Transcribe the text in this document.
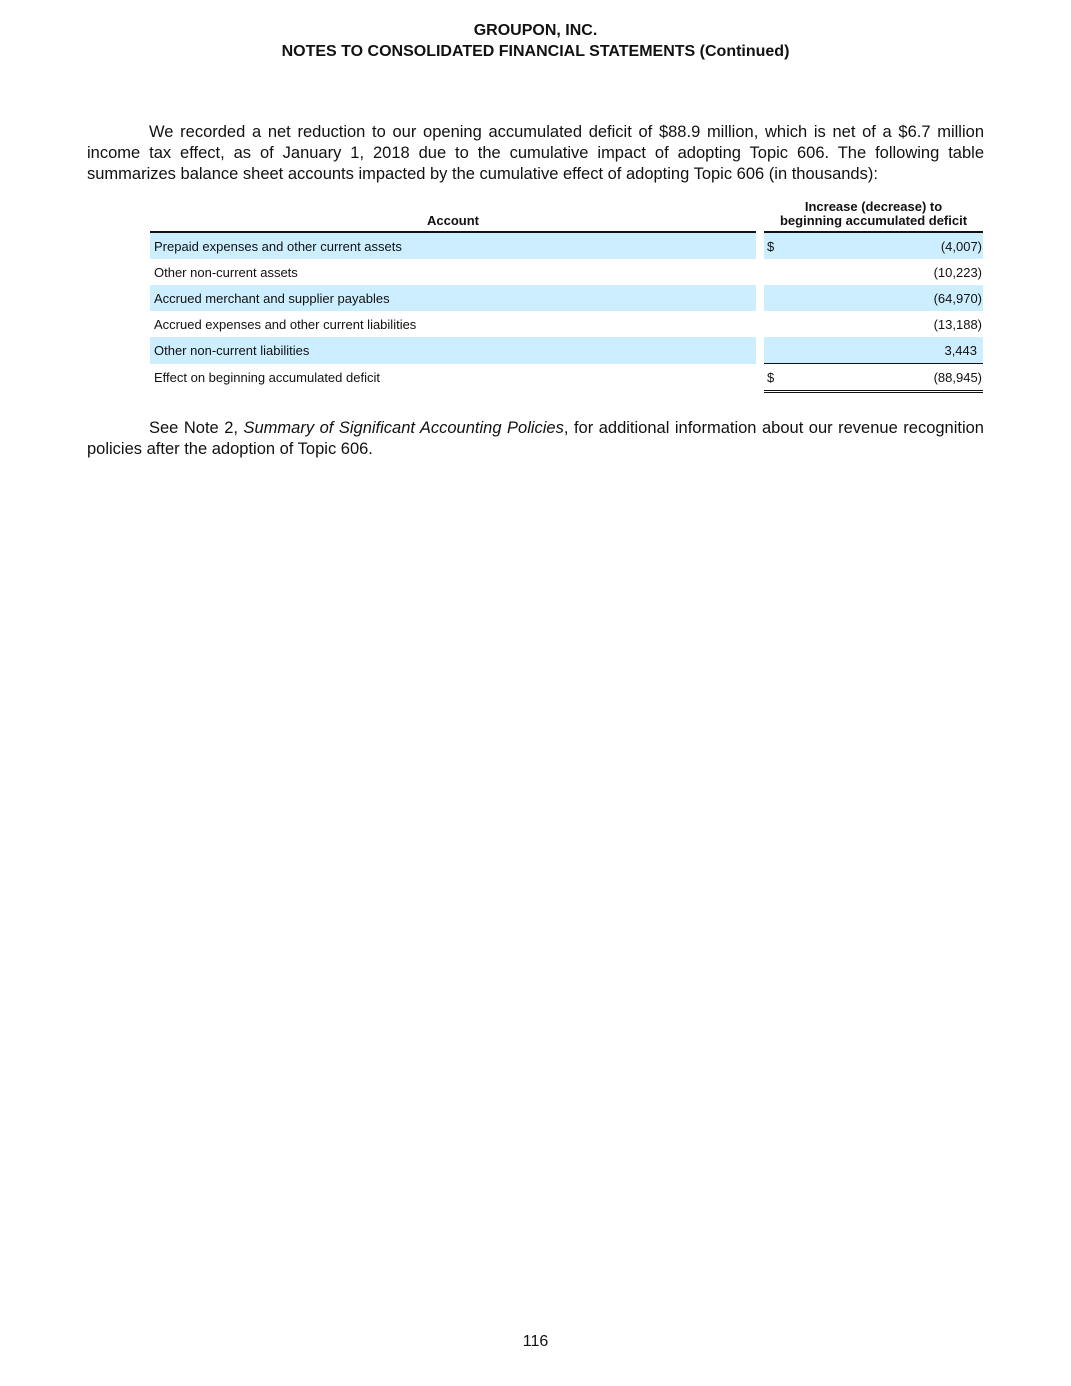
GROUPON, INC.
NOTES TO CONSOLIDATED FINANCIAL STATEMENTS (Continued)

We recorded a net reduction to our opening accumulated deficit of $88.9 million, which is net of a $6.7 million income tax effect, as of January 1, 2018 due to the cumulative impact of adopting Topic 606. The following table summarizes balance sheet accounts impacted by the cumulative effect of adopting Topic 606 (in thousands):

Account		Increase (decrease) to
beginning accumulated deficit	

Prepaid expenses and other current assets		$	(4,007)
Other non-current assets			(10,223)
Accrued merchant and supplier payables			(64,970)
Accrued expenses and other current liabilities			(13,188)
Other non-current liabilities			3,443
Effect on beginning accumulated deficit		$	(88,945)

See Note 2, Summary of Significant Accounting Policies, for additional information about our revenue recognition policies after the adoption of Topic 606.

116
